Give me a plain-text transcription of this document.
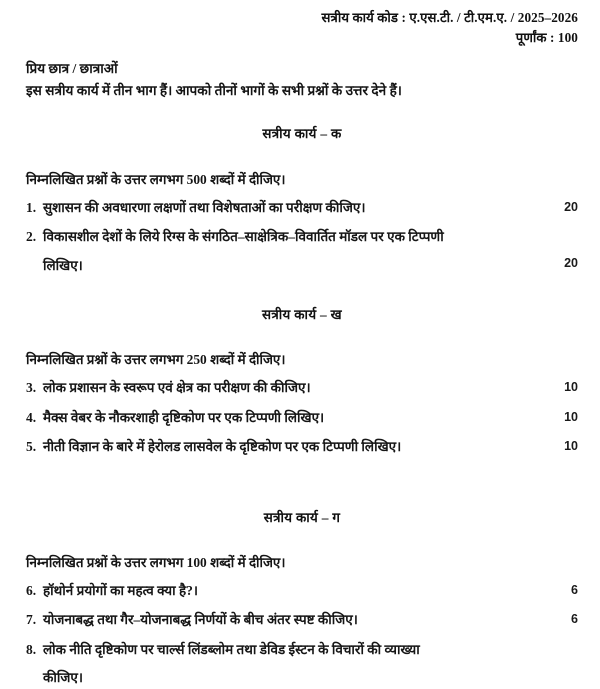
सत्रीय कार्य कोड : ए.एस.टी. / टी.एम.ए. / 2025–2026
पूर्णांक : 100
प्रिय छात्र / छात्राओं
इस सत्रीय कार्य में तीन भाग हैं। आपको तीनों भागों के सभी प्रश्नों के उत्तर देने हैं।
सत्रीय कार्य – क
निम्नलिखित प्रश्नों के उत्तर लगभग 500 शब्दों में दीजिए।
1. सुशासन की अवधारणा लक्षणों तथा विशेषताओं का परीक्षण कीजिए।	20
2. विकासशील देशों के लिये रिग्स के संगठित–साक्षेत्रिक–विवार्तित मॉडल पर एक टिप्पणी
लिखिए।	20
सत्रीय कार्य – ख
निम्नलिखित प्रश्नों के उत्तर लगभग 250 शब्दों में दीजिए।
3. लोक प्रशासन के स्वरूप एवं क्षेत्र का परीक्षण की कीजिए।	10
4. मैक्स वेबर के नौकरशाही दृष्टिकोण पर एक टिप्पणी लिखिए।	10
5. नीती विज्ञान के बारे में हेरोलड लासवेल के दृष्टिकोण पर एक टिप्पणी लिखिए।	10
सत्रीय कार्य – ग
निम्नलिखित प्रश्नों के उत्तर लगभग 100 शब्दों में दीजिए।
6. हॉथोर्न प्रयोगों का महत्व क्या है?।	6
7. योजनाबद्ध तथा गैर–योजनाबद्ध निर्णयों के बीच अंतर स्पष्ट कीजिए।	6
8. लोक नीति दृष्टिकोण पर चार्ल्स लिंडब्लोम तथा डेविड ईस्टन के विचारों की व्याख्या
कीजिए।
